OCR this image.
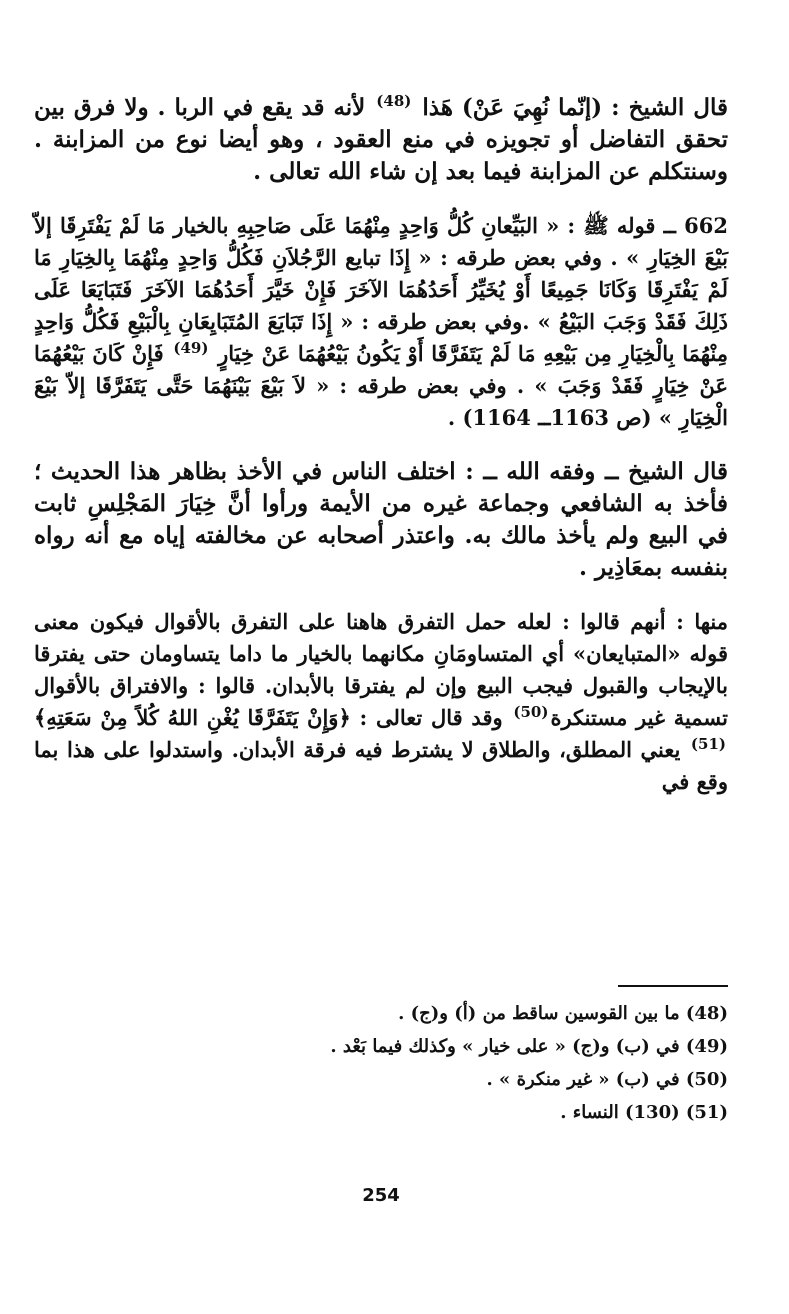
قال الشيخ : (إنّما نُهِيَ عَنْ) هَذا (48) لأنه قد يقع في الربا . ولا فرق بين تحقق التفاضل أو تجويزه في منع العقود ، وهو أيضا نوع من المزابنة . وسنتكلم عن المزابنة فيما بعد إن شاء الله تعالى .

662 ــ قوله ﷺ : « البَيِّعانِ كُلُّ وَاحِدٍ مِنْهُمَا عَلَى صَاحِبِهِ بالخيار مَا لَمْ يَفْتَرِقَا إلاّ بَيْعَ الخِيَارِ » . وفي بعض طرقه : « إِذَا تبايع الرَّجُلاَنِ فَكُلُّ وَاحِدٍ مِنْهُمَا بِالخِيَارِ مَا لَمْ يَفْتَرِقَا وَكَانَا جَمِيعًا أَوْ يُخَيِّرُ أَحَدُهُمَا الآخَرَ فَإِنْ خَيَّرَ أَحَدُهُمَا الآخَرَ فَتَبَايَعَا عَلَى ذَلِكَ فَقَدْ وَجَبَ البَيْعُ » .وفي بعض طرقه : « إِذَا تَبَايَعَ المُتَبَايِعَانِ بِالْبَيْعِ فَكُلُّ وَاحِدٍ مِنْهُمَا بِالْخِيَارِ مِن بَيْعِهِ مَا لَمْ يَتَفَرَّقَا أَوْ يَكُونُ بَيْعُهُمَا عَنْ خِيَارٍ (49) فَإِنْ كَانَ بَيْعُهُمَا عَنْ خِيَارٍ فَقَدْ وَجَبَ » . وفي بعض طرقه : « لاَ بَيْعَ بَيْنَهُمَا حَتَّى يَتَفَرَّقَا إلاّ بَيْعَ الْخِيَارِ » (ص 1163ــ 1164) .

قال الشيخ ــ وفقه الله ــ : اختلف الناس في الأخذ بظاهر هذا الحديث ؛ فأخذ به الشافعي وجماعة غيره من الأيمة ورأوا أنَّ خِيَارَ المَجْلِسِ ثابت في البيع ولم يأخذ مالك به. واعتذر أصحابه عن مخالفته إياه مع أنه رواه بنفسه بمعَاذِير .

منها : أنهم قالوا : لعله حمل التفرق هاهنا على التفرق بالأقوال فيكون معنى قوله «المتبايعان» أي المتساومَانِ مكانهما بالخيار ما داما يتساومان حتى يفترقا بالإيجاب والقبول فيجب البيع وإن لم يفترقا بالأبدان. قالوا : والافتراق بالأقوال تسمية غير مستنكرة(50) وقد قال تعالى : ﴿وَإِنْ يَتَفَرَّقَا يُغْنِ اللهُ كُلاً مِنْ سَعَتِهِ﴾(51) يعني المطلق، والطلاق لا يشترط فيه فرقة الأبدان. واستدلوا على هذا بما وقع في

(48) ما بين القوسين ساقط من (أ) و(ج) .
(49) في (ب) و(ج) « على خيار » وكذلك فيما بَعْد .
(50) في (ب) « غير منكرة » .
(51) (130) النساء .
254
